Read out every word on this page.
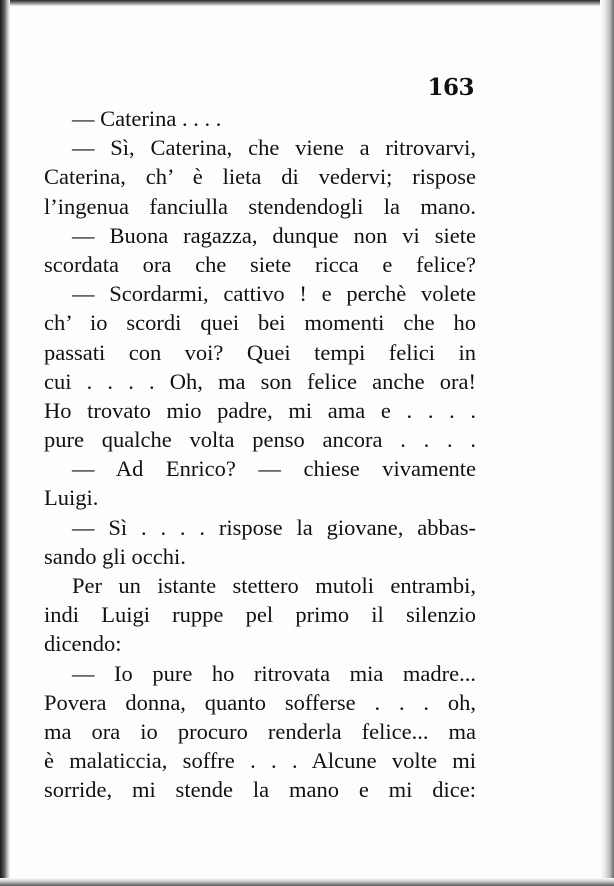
163
— Caterina . . . .
— Sì, Caterina, che viene a ritrovarvi,
Caterina, ch’ è lieta di vedervi; rispose
l’ingenua fanciulla stendendogli la mano.
— Buona ragazza, dunque non vi siete
scordata ora che siete ricca e felice?
— Scordarmi, cattivo ! e perchè volete
ch’ io scordi quei bei momenti che ho
passati con voi? Quei tempi felici in
cui . . . . Oh, ma son felice anche ora!
Ho trovato mio padre, mi ama e . . . .
pure qualche volta penso ancora . . . .
— Ad Enrico? — chiese vivamente
Luigi.
— Sì . . . . rispose la giovane, abbas-
sando gli occhi.
Per un istante stettero mutoli entrambi,
indi Luigi ruppe pel primo il silenzio
dicendo:
— Io pure ho ritrovata mia madre...
Povera donna, quanto sofferse . . . oh,
ma ora io procuro renderla felice... ma
è malaticcia, soffre . . . Alcune volte mi
sorride, mi stende la mano e mi dice:
